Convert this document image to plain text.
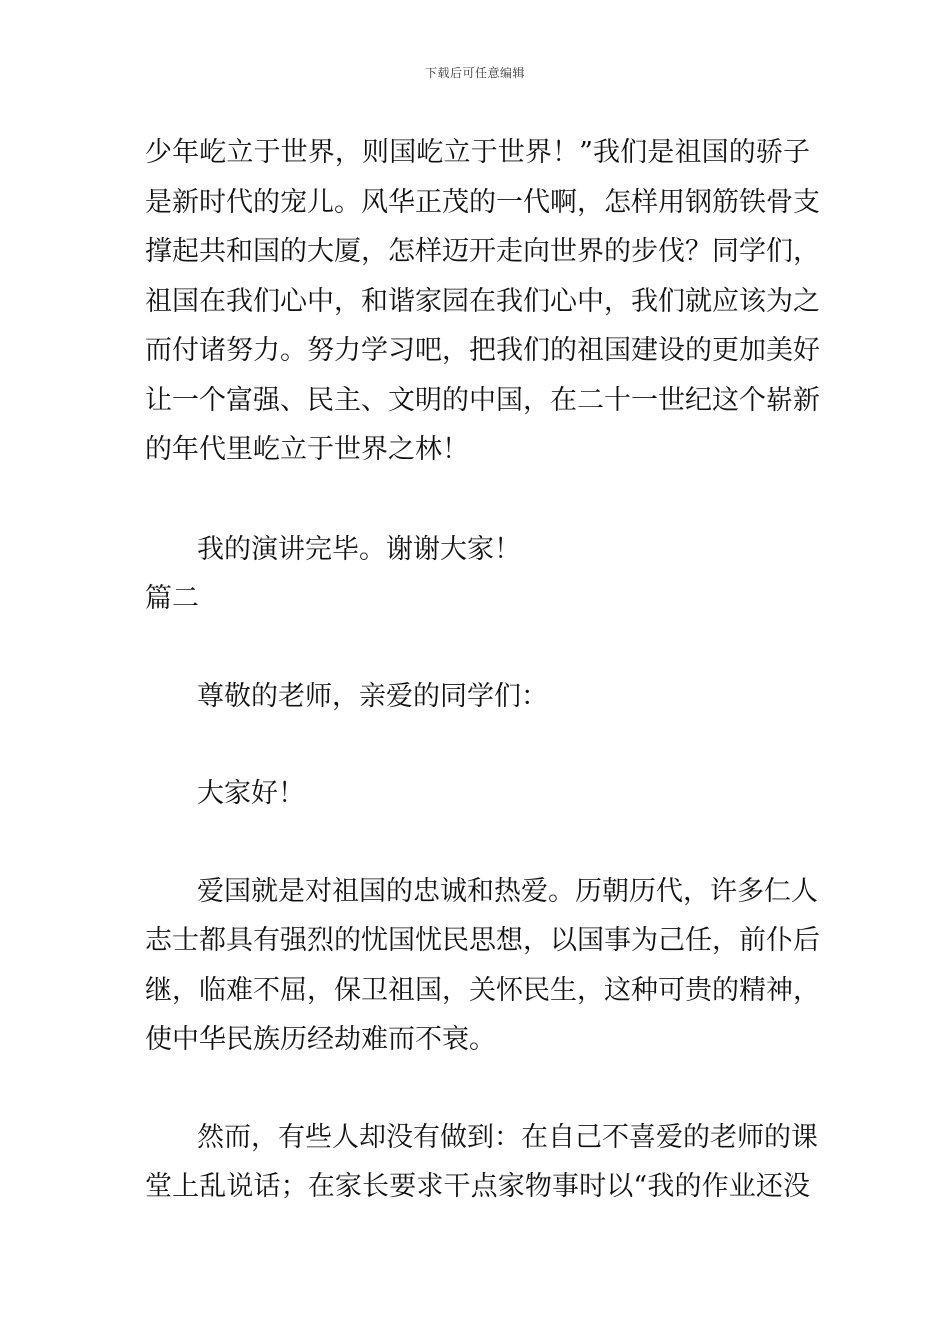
下载后可任意编辑
少年屹立于世界，则国屹立于世界！”我们是祖国的骄子
是新时代的宠儿。风华正茂的一代啊，怎样用钢筋铁骨支
撑起共和国的大厦，怎样迈开走向世界的步伐？同学们，
祖国在我们心中，和谐家园在我们心中，我们就应该为之
而付诸努力。努力学习吧，把我们的祖国建设的更加美好
让一个富强、民主、文明的中国，在二十一世纪这个崭新
的年代里屹立于世界之林！
我的演讲完毕。谢谢大家！
篇二
尊敬的老师，亲爱的同学们：
大家好！
爱国就是对祖国的忠诚和热爱。历朝历代，许多仁人
志士都具有强烈的忧国忧民思想，以国事为己任，前仆后
继，临难不屈，保卫祖国，关怀民生，这种可贵的精神，
使中华民族历经劫难而不衰。
然而，有些人却没有做到：在自己不喜爱的老师的课
堂上乱说话；在家长要求干点家物事时以“我的作业还没
